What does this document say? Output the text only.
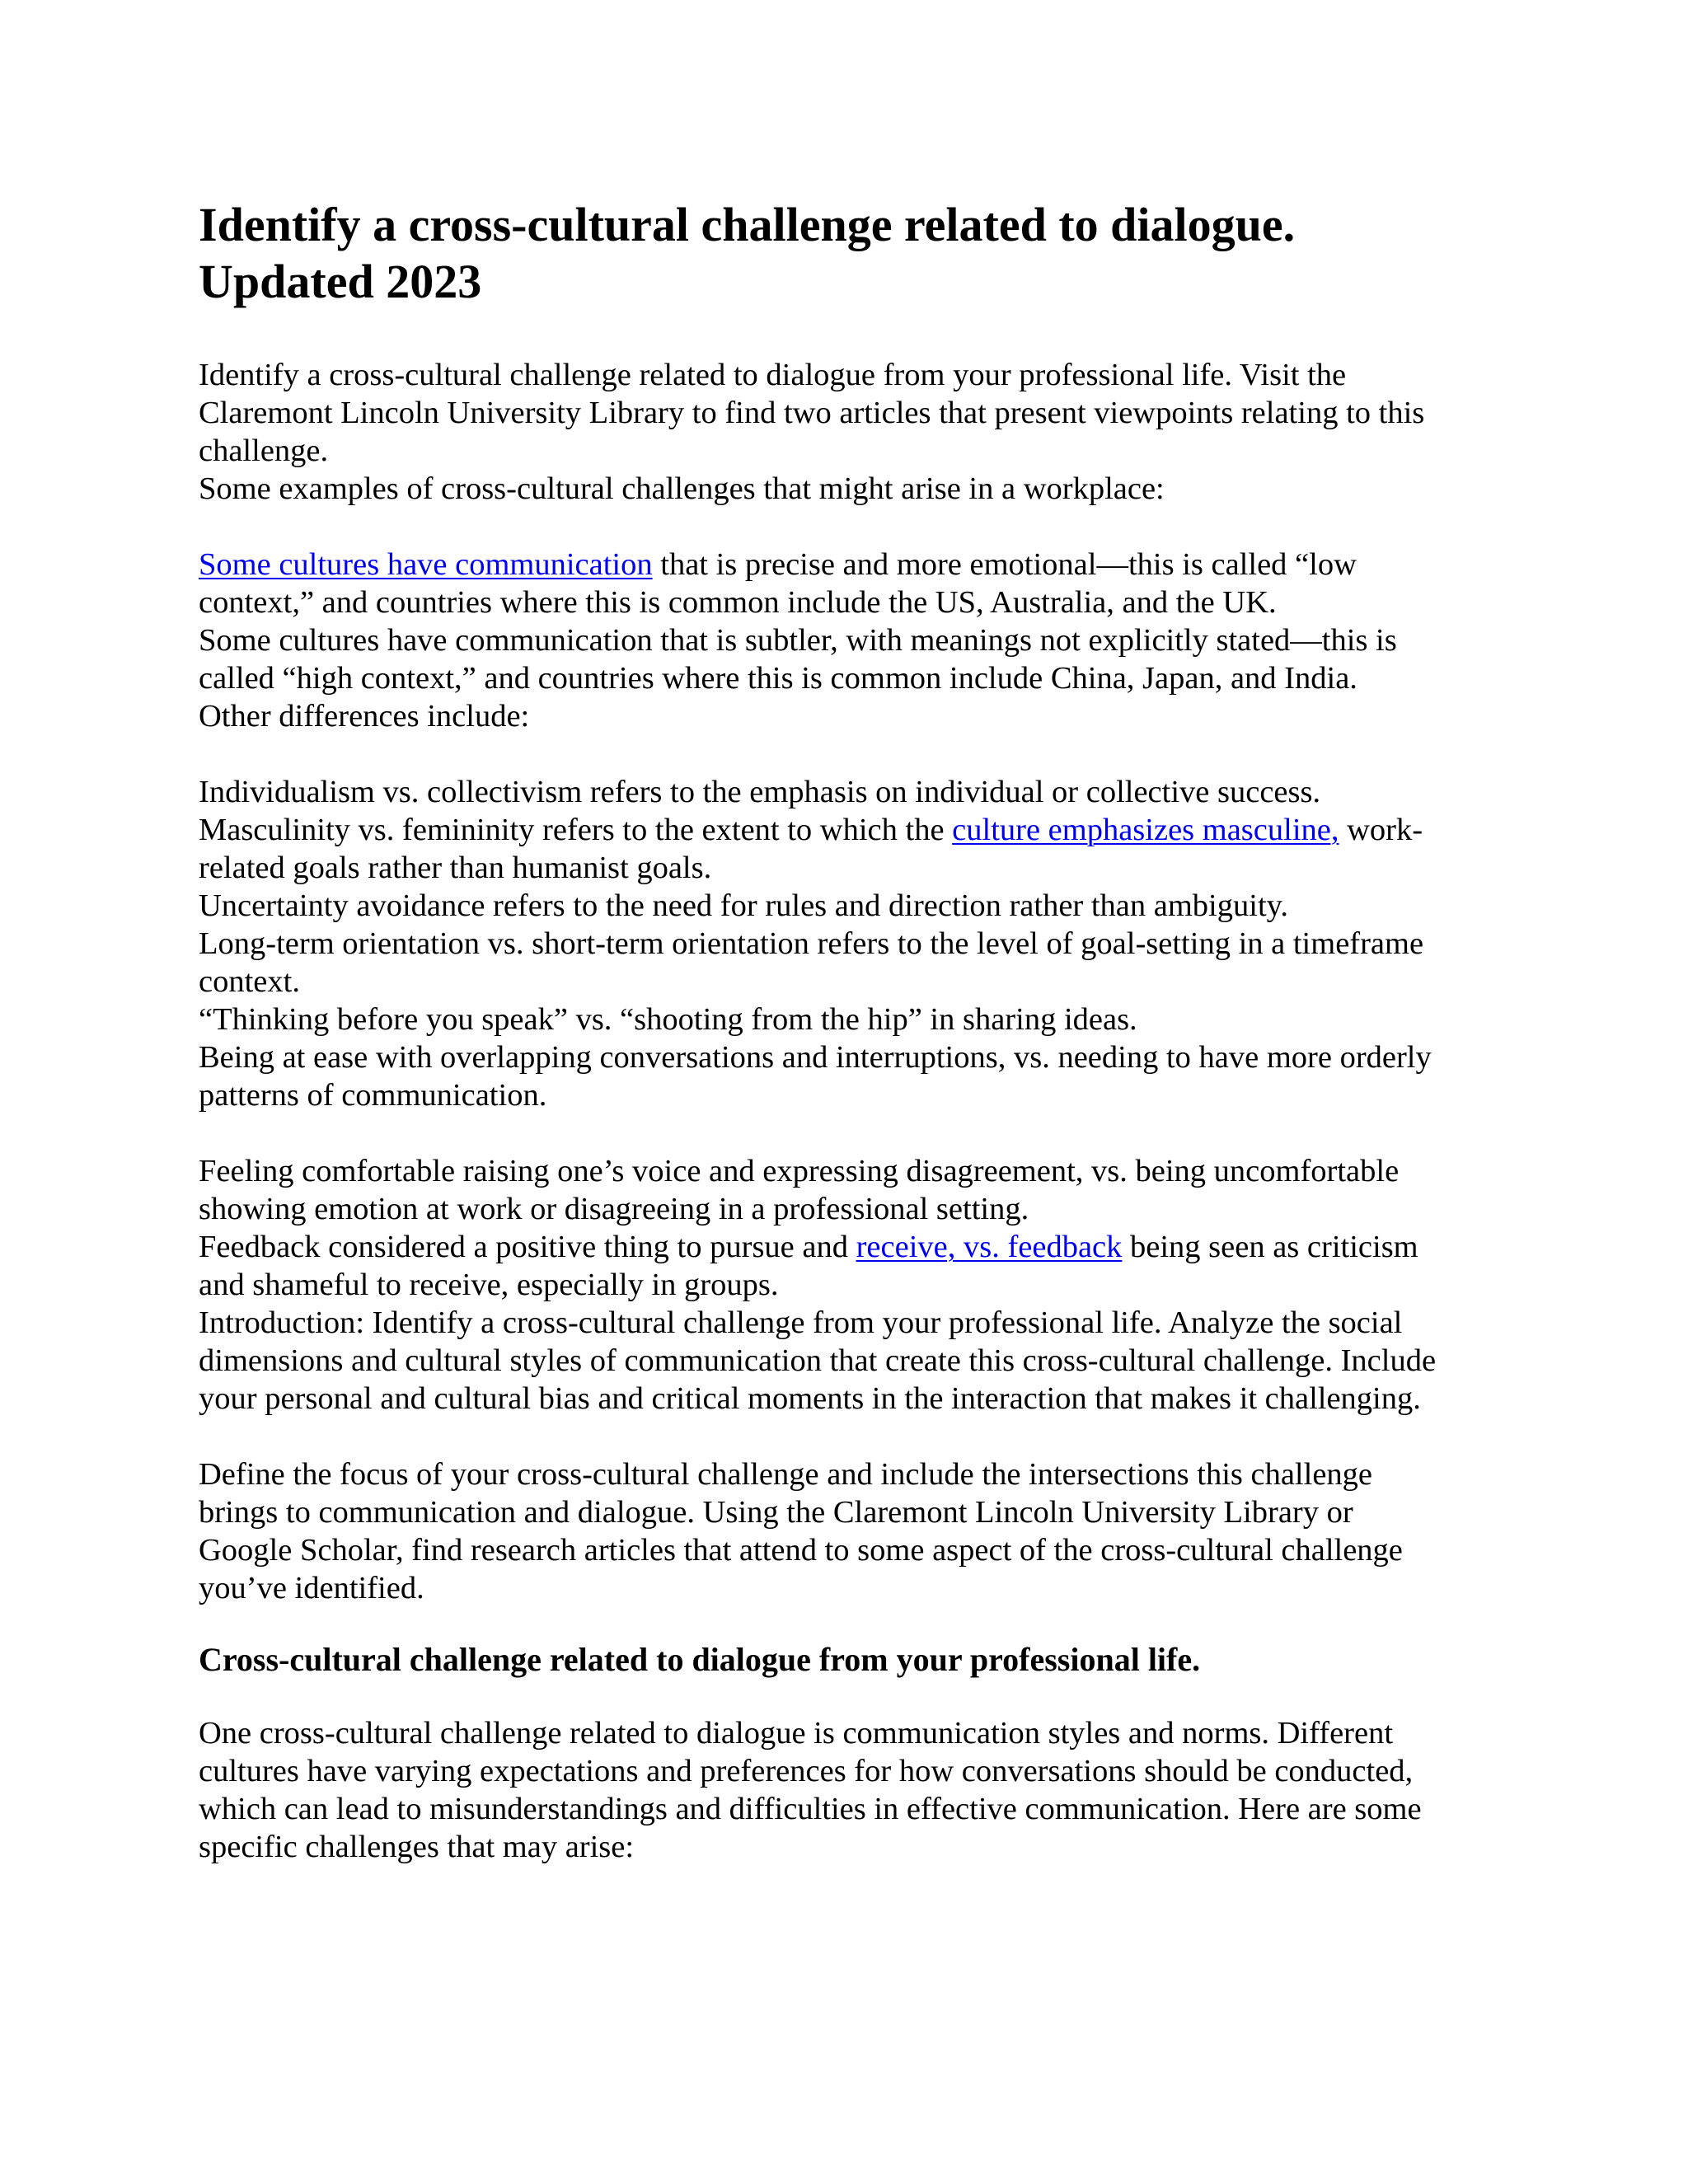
Identify a cross-cultural challenge related to dialogue.
Updated 2023
Identify a cross-cultural challenge related to dialogue from your professional life. Visit the
Claremont Lincoln University Library to find two articles that present viewpoints relating to this
challenge.
Some examples of cross-cultural challenges that might arise in a workplace:
Some cultures have communication that is precise and more emotional—this is called “low
context,” and countries where this is common include the US, Australia, and the UK.
Some cultures have communication that is subtler, with meanings not explicitly stated—this is
called “high context,” and countries where this is common include China, Japan, and India.
Other differences include:
Individualism vs. collectivism refers to the emphasis on individual or collective success.
Masculinity vs. femininity refers to the extent to which the culture emphasizes masculine, work-
related goals rather than humanist goals.
Uncertainty avoidance refers to the need for rules and direction rather than ambiguity.
Long-term orientation vs. short-term orientation refers to the level of goal-setting in a timeframe
context.
“Thinking before you speak” vs. “shooting from the hip” in sharing ideas.
Being at ease with overlapping conversations and interruptions, vs. needing to have more orderly
patterns of communication.
Feeling comfortable raising one’s voice and expressing disagreement, vs. being uncomfortable
showing emotion at work or disagreeing in a professional setting.
Feedback considered a positive thing to pursue and receive, vs. feedback being seen as criticism
and shameful to receive, especially in groups.
Introduction: Identify a cross-cultural challenge from your professional life. Analyze the social
dimensions and cultural styles of communication that create this cross-cultural challenge. Include
your personal and cultural bias and critical moments in the interaction that makes it challenging.
Define the focus of your cross-cultural challenge and include the intersections this challenge
brings to communication and dialogue. Using the Claremont Lincoln University Library or
Google Scholar, find research articles that attend to some aspect of the cross-cultural challenge
you’ve identified.
Cross-cultural challenge related to dialogue from your professional life.
One cross-cultural challenge related to dialogue is communication styles and norms. Different
cultures have varying expectations and preferences for how conversations should be conducted,
which can lead to misunderstandings and difficulties in effective communication. Here are some
specific challenges that may arise:
